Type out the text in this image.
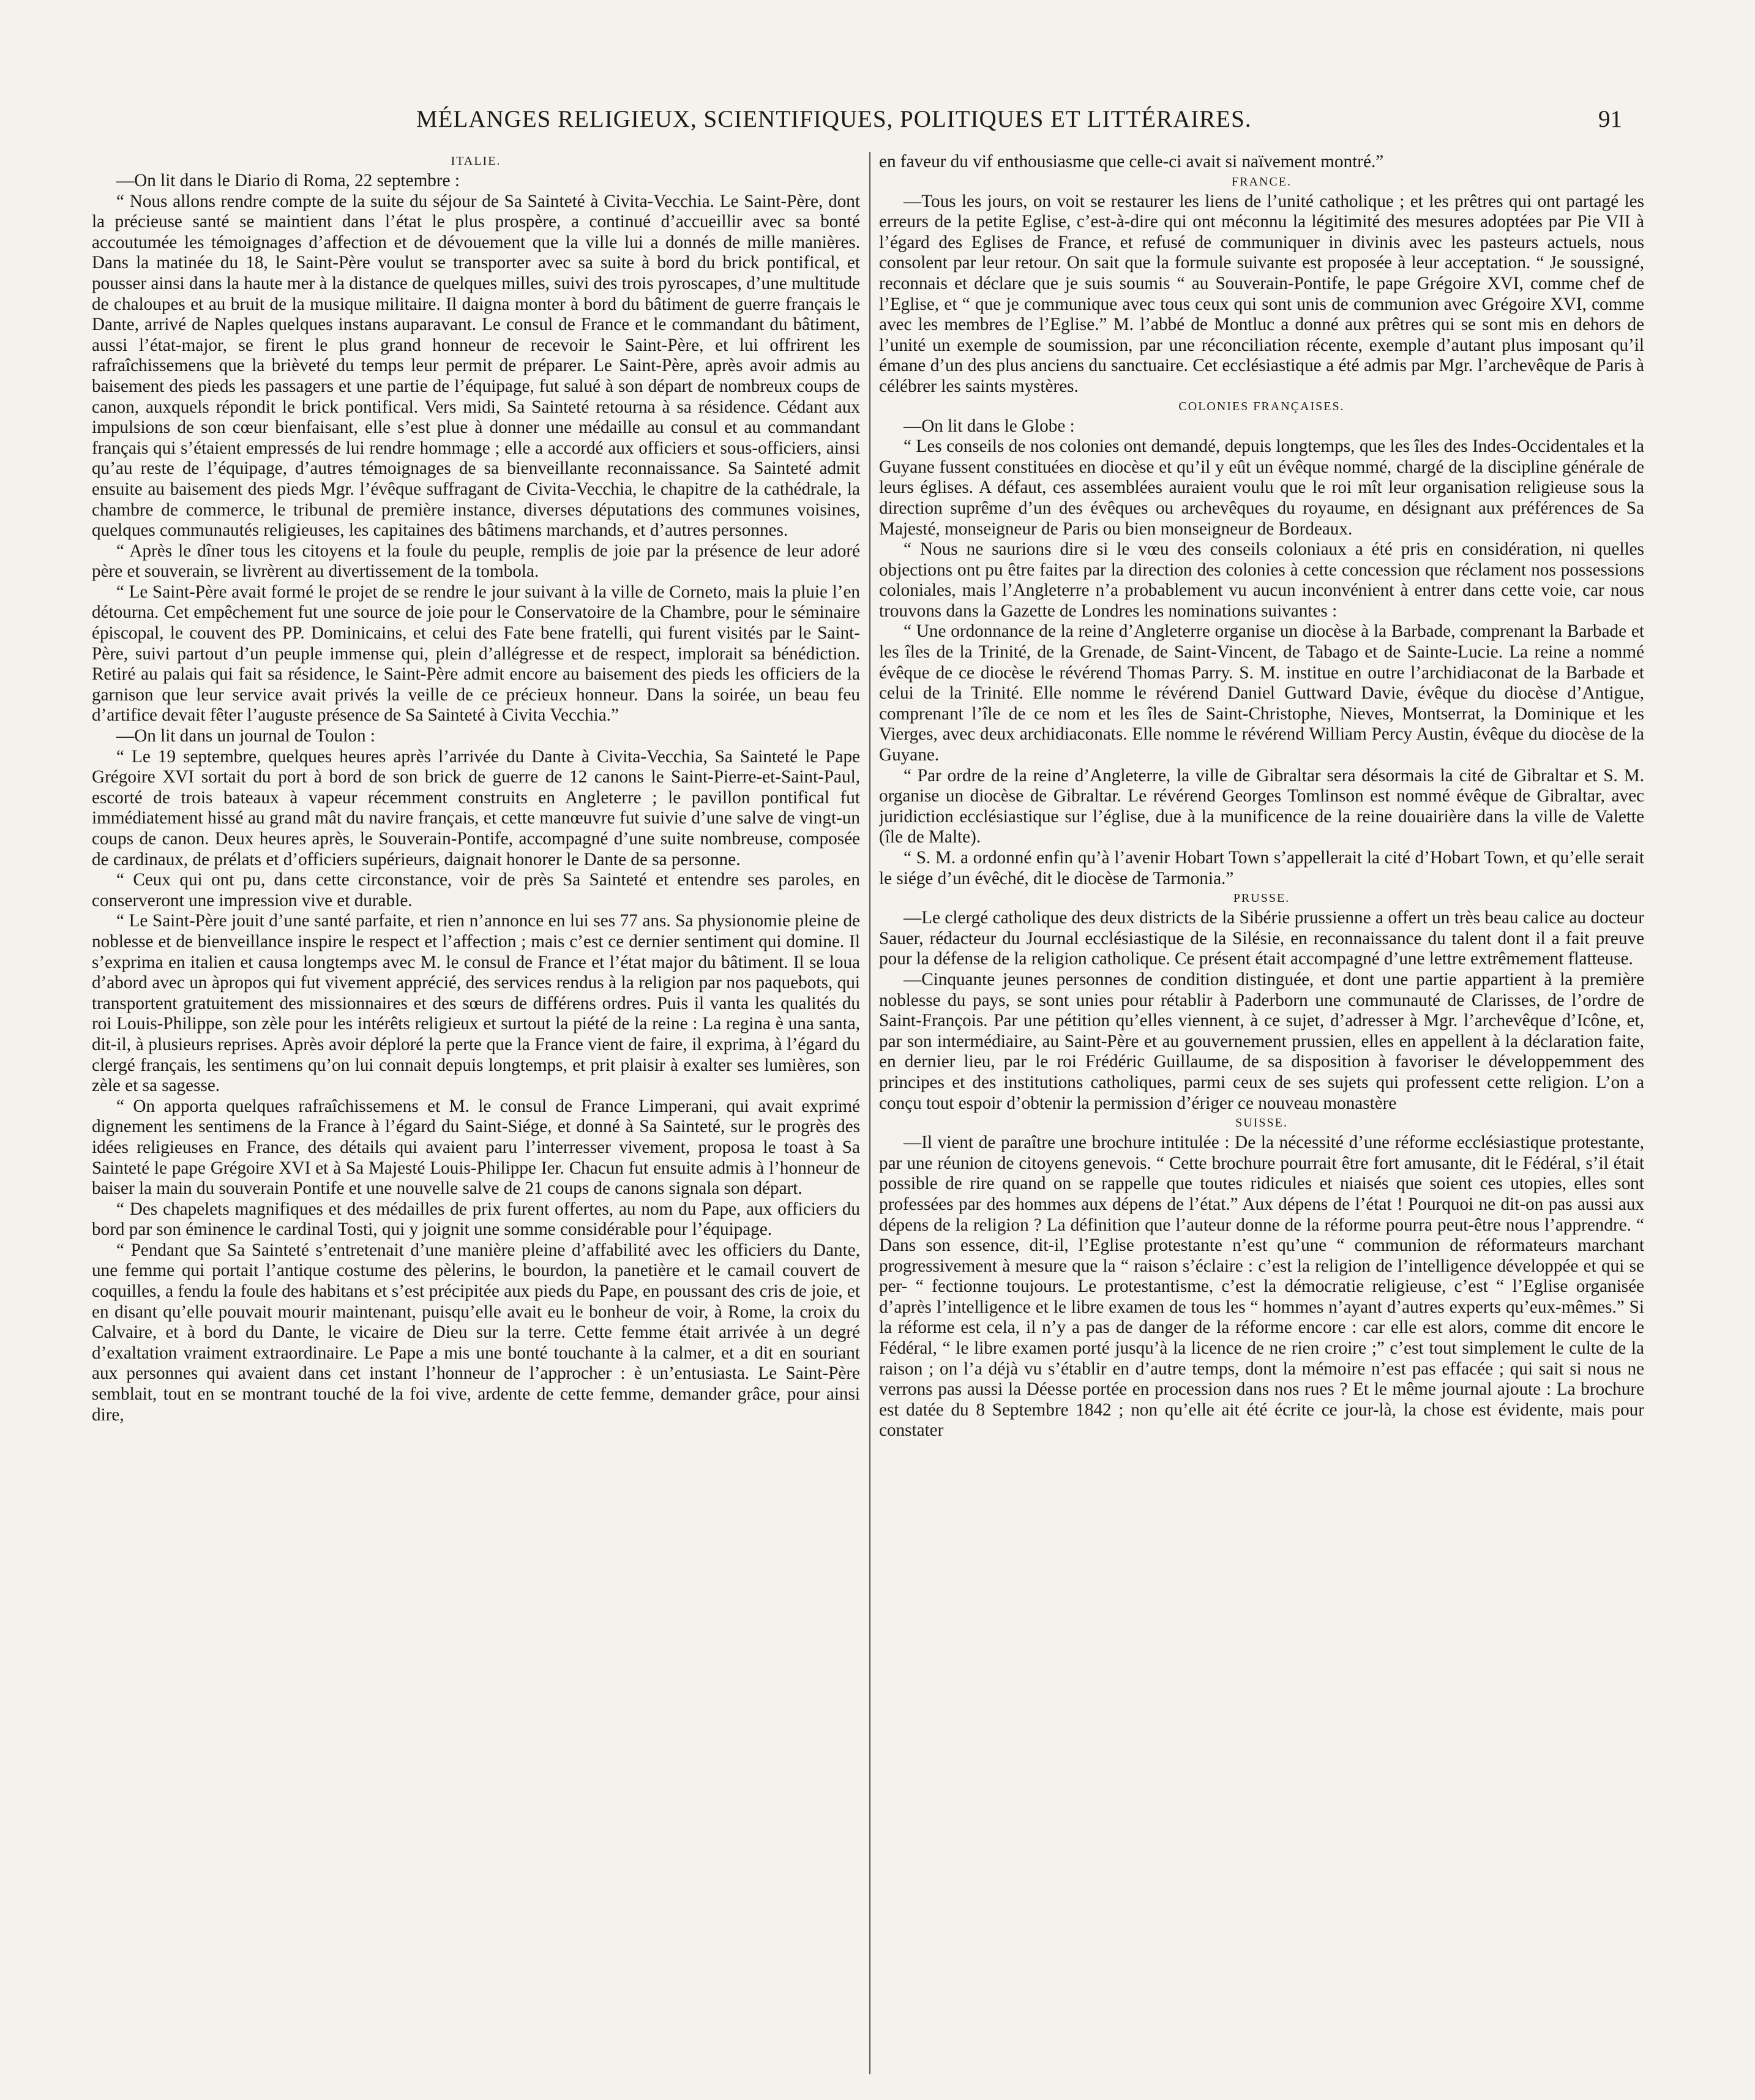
MÉLANGES RELIGIEUX, SCIENTIFIQUES, POLITIQUES ET LITTÉRAIRES.	91
ITALIE.

—On lit dans le Diario di Roma, 22 septembre :

“ Nous allons rendre compte de la suite du séjour de Sa Sainteté à Civita-Vecchia. Le Saint-Père, dont la précieuse santé se maintient dans l’état le plus prospère, a continué d’accueillir avec sa bonté accoutumée les témoignages d’affection et de dévouement que la ville lui a donnés de mille manières. Dans la matinée du 18, le Saint-Père voulut se transporter avec sa suite à bord du brick pontifical, et pousser ainsi dans la haute mer à la distance de quelques milles, suivi des trois pyroscapes, d’une multitude de chaloupes et au bruit de la musique militaire. Il daigna monter à bord du bâtiment de guerre français le Dante, arrivé de Naples quelques instans auparavant. Le consul de France et le commandant du bâtiment, aussi l’état-major, se firent le plus grand honneur de recevoir le Saint-Père, et lui offrirent les rafraîchissemens que la brièveté du temps leur permit de préparer. Le Saint-Père, après avoir admis au baisement des pieds les passagers et une partie de l’équipage, fut salué à son départ de nombreux coups de canon, auxquels répondit le brick pontifical. Vers midi, Sa Sainteté retourna à sa résidence. Cédant aux impulsions de son cœur bienfaisant, elle s’est plue à donner une médaille au consul et au commandant français qui s’étaient empressés de lui rendre hommage ; elle a accordé aux officiers et sous-officiers, ainsi qu’au reste de l’équipage, d’autres témoignages de sa bienveillante reconnaissance. Sa Sainteté admit ensuite au baisement des pieds Mgr. l’évêque suffragant de Civita-Vecchia, le chapitre de la cathédrale, la chambre de commerce, le tribunal de première instance, diverses députations des communes voisines, quelques communautés religieuses, les capitaines des bâtimens marchands, et d’autres personnes.

“ Après le dîner tous les citoyens et la foule du peuple, remplis de joie par la présence de leur adoré père et souverain, se livrèrent au divertissement de la tombola.

“ Le Saint-Père avait formé le projet de se rendre le jour suivant à la ville de Corneto, mais la pluie l’en détourna. Cet empêchement fut une source de joie pour le Conservatoire de la Chambre, pour le séminaire épiscopal, le couvent des PP. Dominicains, et celui des Fate bene fratelli, qui furent visités par le Saint-Père, suivi partout d’un peuple immense qui, plein d’allégresse et de respect, implorait sa bénédiction. Retiré au palais qui fait sa résidence, le Saint-Père admit encore au baisement des pieds les officiers de la garnison que leur service avait privés la veille de ce précieux honneur. Dans la soirée, un beau feu d’artifice devait fêter l’auguste présence de Sa Sainteté à Civita Vecchia.”

—On lit dans un journal de Toulon :

“ Le 19 septembre, quelques heures après l’arrivée du Dante à Civita-Vecchia, Sa Sainteté le Pape Grégoire XVI sortait du port à bord de son brick de guerre de 12 canons le Saint-Pierre-et-Saint-Paul, escorté de trois bateaux à vapeur récemment construits en Angleterre ; le pavillon pontifical fut immédiatement hissé au grand mât du navire français, et cette manœuvre fut suivie d’une salve de vingt-un coups de canon. Deux heures après, le Souverain-Pontife, accompagné d’une suite nombreuse, composée de cardinaux, de prélats et d’officiers supérieurs, daignait honorer le Dante de sa personne.

“ Ceux qui ont pu, dans cette circonstance, voir de près Sa Sainteté et entendre ses paroles, en conserveront une impression vive et durable.

“ Le Saint-Père jouit d’une santé parfaite, et rien n’annonce en lui ses 77 ans. Sa physionomie pleine de noblesse et de bienveillance inspire le respect et l’affection ; mais c’est ce dernier sentiment qui domine. Il s’exprima en italien et causa longtemps avec M. le consul de France et l’état major du bâtiment. Il se loua d’abord avec un àpropos qui fut vivement apprécié, des services rendus à la religion par nos paquebots, qui transportent gratuitement des missionnaires et des sœurs de différens ordres. Puis il vanta les qualités du roi Louis-Philippe, son zèle pour les intérêts religieux et surtout la piété de la reine : La regina è una santa, dit-il, à plusieurs reprises. Après avoir déploré la perte que la France vient de faire, il exprima, à l’égard du clergé français, les sentimens qu’on lui connait depuis longtemps, et prit plaisir à exalter ses lumières, son zèle et sa sagesse.

“ On apporta quelques rafraîchissemens et M. le consul de France Limperani, qui avait exprimé dignement les sentimens de la France à l’égard du Saint-Siége, et donné à Sa Sainteté, sur le progrès des idées religieuses en France, des détails qui avaient paru l’interresser vivement, proposa le toast à Sa Sainteté le pape Grégoire XVI et à Sa Majesté Louis-Philippe Ier. Chacun fut ensuite admis à l’honneur de baiser la main du souverain Pontife et une nouvelle salve de 21 coups de canons signala son départ.

“ Des chapelets magnifiques et des médailles de prix furent offertes, au nom du Pape, aux officiers du bord par son éminence le cardinal Tosti, qui y joignit une somme considérable pour l’équipage.

“ Pendant que Sa Sainteté s’entretenait d’une manière pleine d’affabilité avec les officiers du Dante, une femme qui portait l’antique costume des pèlerins, le bourdon, la panetière et le camail couvert de coquilles, a fendu la foule des habitans et s’est précipitée aux pieds du Pape, en poussant des cris de joie, et en disant qu’elle pouvait mourir maintenant, puisqu’elle avait eu le bonheur de voir, à Rome, la croix du Calvaire, et à bord du Dante, le vicaire de Dieu sur la terre. Cette femme était arrivée à un degré d’exaltation vraiment extraordinaire. Le Pape a mis une bonté touchante à la calmer, et a dit en souriant aux personnes qui avaient dans cet instant l’honneur de l’approcher : è un’entusiasta. Le Saint-Père semblait, tout en se montrant touché de la foi vive, ardente de cette femme, demander grâce, pour ainsi dire,

en faveur du vif enthousiasme que celle-ci avait si naïvement montré.”

FRANCE.

—Tous les jours, on voit se restaurer les liens de l’unité catholique ; et les prêtres qui ont partagé les erreurs de la petite Eglise, c’est-à-dire qui ont méconnu la légitimité des mesures adoptées par Pie VII à l’égard des Eglises de France, et refusé de communiquer in divinis avec les pasteurs actuels, nous consolent par leur retour. On sait que la formule suivante est proposée à leur acceptation. “ Je soussigné, reconnais et déclare que je suis soumis “ au Souverain-Pontife, le pape Grégoire XVI, comme chef de l’Eglise, et “ que je communique avec tous ceux qui sont unis de communion avec Grégoire XVI, comme avec les membres de l’Eglise.” M. l’abbé de Montluc a donné aux prêtres qui se sont mis en dehors de l’unité un exemple de soumission, par une réconciliation récente, exemple d’autant plus imposant qu’il émane d’un des plus anciens du sanctuaire. Cet ecclésiastique a été admis par Mgr. l’archevêque de Paris à célébrer les saints mystères.

COLONIES FRANÇAISES.

—On lit dans le Globe :

“ Les conseils de nos colonies ont demandé, depuis longtemps, que les îles des Indes-Occidentales et la Guyane fussent constituées en diocèse et qu’il y eût un évêque nommé, chargé de la discipline générale de leurs églises. A défaut, ces assemblées auraient voulu que le roi mît leur organisation religieuse sous la direction suprême d’un des évêques ou archevêques du royaume, en désignant aux préférences de Sa Majesté, monseigneur de Paris ou bien monseigneur de Bordeaux.

“ Nous ne saurions dire si le vœu des conseils coloniaux a été pris en considération, ni quelles objections ont pu être faites par la direction des colonies à cette concession que réclament nos possessions coloniales, mais l’Angleterre n’a probablement vu aucun inconvénient à entrer dans cette voie, car nous trouvons dans la Gazette de Londres les nominations suivantes :

“ Une ordonnance de la reine d’Angleterre organise un diocèse à la Barbade, comprenant la Barbade et les îles de la Trinité, de la Grenade, de Saint-Vincent, de Tabago et de Sainte-Lucie. La reine a nommé évêque de ce diocèse le révérend Thomas Parry. S. M. institue en outre l’archidiaconat de la Barbade et celui de la Trinité. Elle nomme le révérend Daniel Guttward Davie, évêque du diocèse d’Antigue, comprenant l’île de ce nom et les îles de Saint-Christophe, Nieves, Montserrat, la Dominique et les Vierges, avec deux archidiaconats. Elle nomme le révérend William Percy Austin, évêque du diocèse de la Guyane.

“ Par ordre de la reine d’Angleterre, la ville de Gibraltar sera désormais la cité de Gibraltar et S. M. organise un diocèse de Gibraltar. Le révérend Georges Tomlinson est nommé évêque de Gibraltar, avec juridiction ecclésiastique sur l’église, due à la munificence de la reine douairière dans la ville de Valette (île de Malte).

“ S. M. a ordonné enfin qu’à l’avenir Hobart Town s’appellerait la cité d’Hobart Town, et qu’elle serait le siége d’un évêché, dit le diocèse de Tarmonia.”

PRUSSE.

—Le clergé catholique des deux districts de la Sibérie prussienne a offert un très beau calice au docteur Sauer, rédacteur du Journal ecclésiastique de la Silésie, en reconnaissance du talent dont il a fait preuve pour la défense de la religion catholique. Ce présent était accompagné d’une lettre extrêmement flatteuse.

—Cinquante jeunes personnes de condition distinguée, et dont une partie appartient à la première noblesse du pays, se sont unies pour rétablir à Paderborn une communauté de Clarisses, de l’ordre de Saint-François. Par une pétition qu’elles viennent, à ce sujet, d’adresser à Mgr. l’archevêque d’Icône, et, par son intermédiaire, au Saint-Père et au gouvernement prussien, elles en appellent à la déclaration faite, en dernier lieu, par le roi Frédéric Guillaume, de sa disposition à favoriser le développemment des principes et des institutions catholiques, parmi ceux de ses sujets qui professent cette religion. L’on a conçu tout espoir d’obtenir la permission d’ériger ce nouveau monastère

SUISSE.

—Il vient de paraître une brochure intitulée : De la nécessité d’une réforme ecclésiastique protestante, par une réunion de citoyens genevois. “ Cette brochure pourrait être fort amusante, dit le Fédéral, s’il était possible de rire quand on se rappelle que toutes ridicules et niaisés que soient ces utopies, elles sont professées par des hommes aux dépens de l’état.” Aux dépens de l’état ! Pourquoi ne dit-on pas aussi aux dépens de la religion ? La définition que l’auteur donne de la réforme pourra peut-être nous l’apprendre. “ Dans son essence, dit-il, l’Eglise protestante n’est qu’une “ communion de réformateurs marchant progressivement à mesure que la “ raison s’éclaire : c’est la religion de l’intelligence développée et qui se per- “ fectionne toujours. Le protestantisme, c’est la démocratie religieuse, c’est “ l’Eglise organisée d’après l’intelligence et le libre examen de tous les “ hommes n’ayant d’autres experts qu’eux-mêmes.” Si la réforme est cela, il n’y a pas de danger de la réforme encore : car elle est alors, comme dit encore le Fédéral, “ le libre examen porté jusqu’à la licence de ne rien croire ;” c’est tout simplement le culte de la raison ; on l’a déjà vu s’établir en d’autre temps, dont la mémoire n’est pas effacée ; qui sait si nous ne verrons pas aussi la Déesse portée en procession dans nos rues ? Et le même journal ajoute : La brochure est datée du 8 Septembre 1842 ; non qu’elle ait été écrite ce jour-là, la chose est évidente, mais pour constater
